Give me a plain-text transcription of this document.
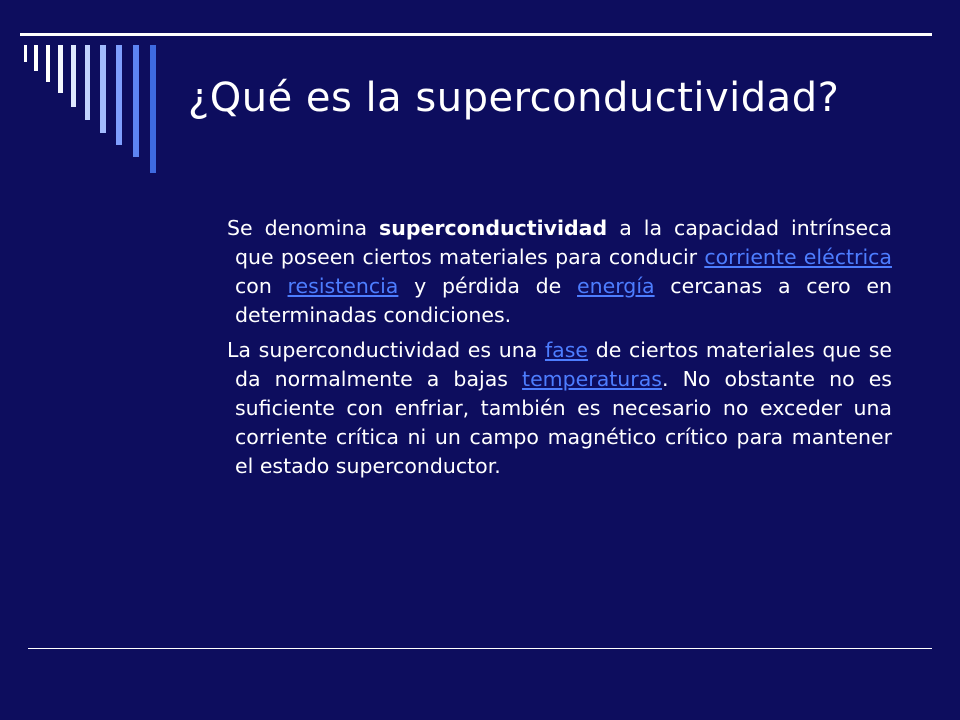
¿Qué es la superconductividad?

Se denomina superconductividad a la capacidad intrínseca que poseen ciertos materiales para conducir corriente eléctrica con resistencia y pérdida de energía cercanas a cero en determinadas condiciones.

La superconductividad es una fase de ciertos materiales que se da normalmente a bajas temperaturas. No obstante no es suficiente con enfriar, también es necesario no exceder una corriente crítica ni un campo magnético crítico para mantener el estado superconductor.
